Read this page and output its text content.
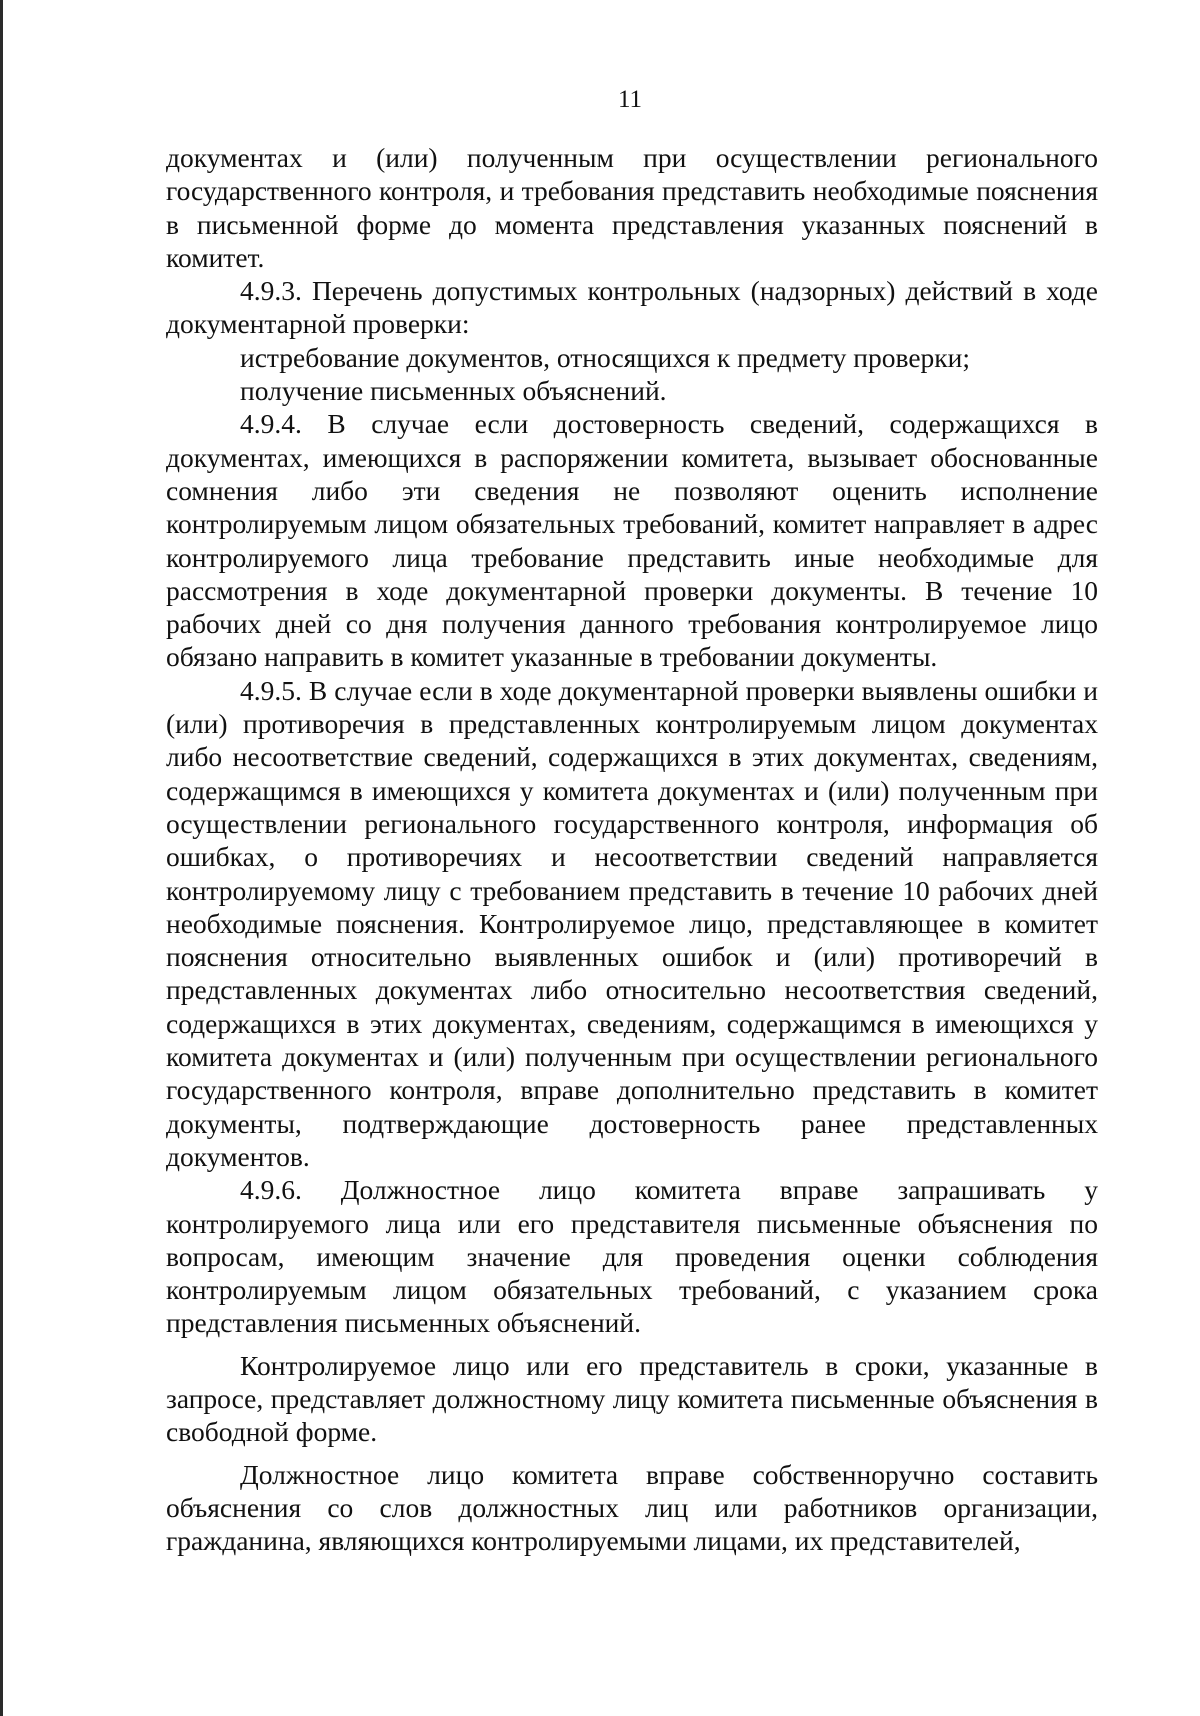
11

документах и (или) полученным при осуществлении регионального государственного контроля, и требования представить необходимые пояснения в письменной форме до момента представления указанных пояснений в комитет.

4.9.3. Перечень допустимых контрольных (надзорных) действий в ходе документарной проверки:

истребование документов, относящихся к предмету проверки;

получение письменных объяснений.

4.9.4. В случае если достоверность сведений, содержащихся в документах, имеющихся в распоряжении комитета, вызывает обоснованные сомнения либо эти сведения не позволяют оценить исполнение контролируемым лицом обязательных требований, комитет направляет в адрес контролируемого лица требование представить иные необходимые для рассмотрения в ходе документарной проверки документы. В течение 10 рабочих дней со дня получения данного требования контролируемое лицо обязано направить в комитет указанные в требовании документы.

4.9.5. В случае если в ходе документарной проверки выявлены ошибки и (или) противоречия в представленных контролируемым лицом документах либо несоответствие сведений, содержащихся в этих документах, сведениям, содержащимся в имеющихся у комитета документах и (или) полученным при осуществлении регионального государственного контроля, информация об ошибках, о противоречиях и несоответствии сведений направляется контролируемому лицу с требованием представить в течение 10 рабочих дней необходимые пояснения. Контролируемое лицо, представляющее в комитет пояснения относительно выявленных ошибок и (или) противоречий в представленных документах либо относительно несоответствия сведений, содержащихся в этих документах, сведениям, содержащимся в имеющихся у комитета документах и (или) полученным при осуществлении регионального государственного контроля, вправе дополнительно представить в комитет документы, подтверждающие достоверность ранее представленных документов.

4.9.6. Должностное лицо комитета вправе запрашивать у контролируемого лица или его представителя письменные объяснения по вопросам, имеющим значение для проведения оценки соблюдения контролируемым лицом обязательных требований, с указанием срока представления письменных объяснений.

Контролируемое лицо или его представитель в сроки, указанные в запросе, представляет должностному лицу комитета письменные объяснения в свободной форме.

Должностное лицо комитета вправе собственноручно составить объяснения со слов должностных лиц или работников организации, гражданина, являющихся контролируемыми лицами, их представителей,
